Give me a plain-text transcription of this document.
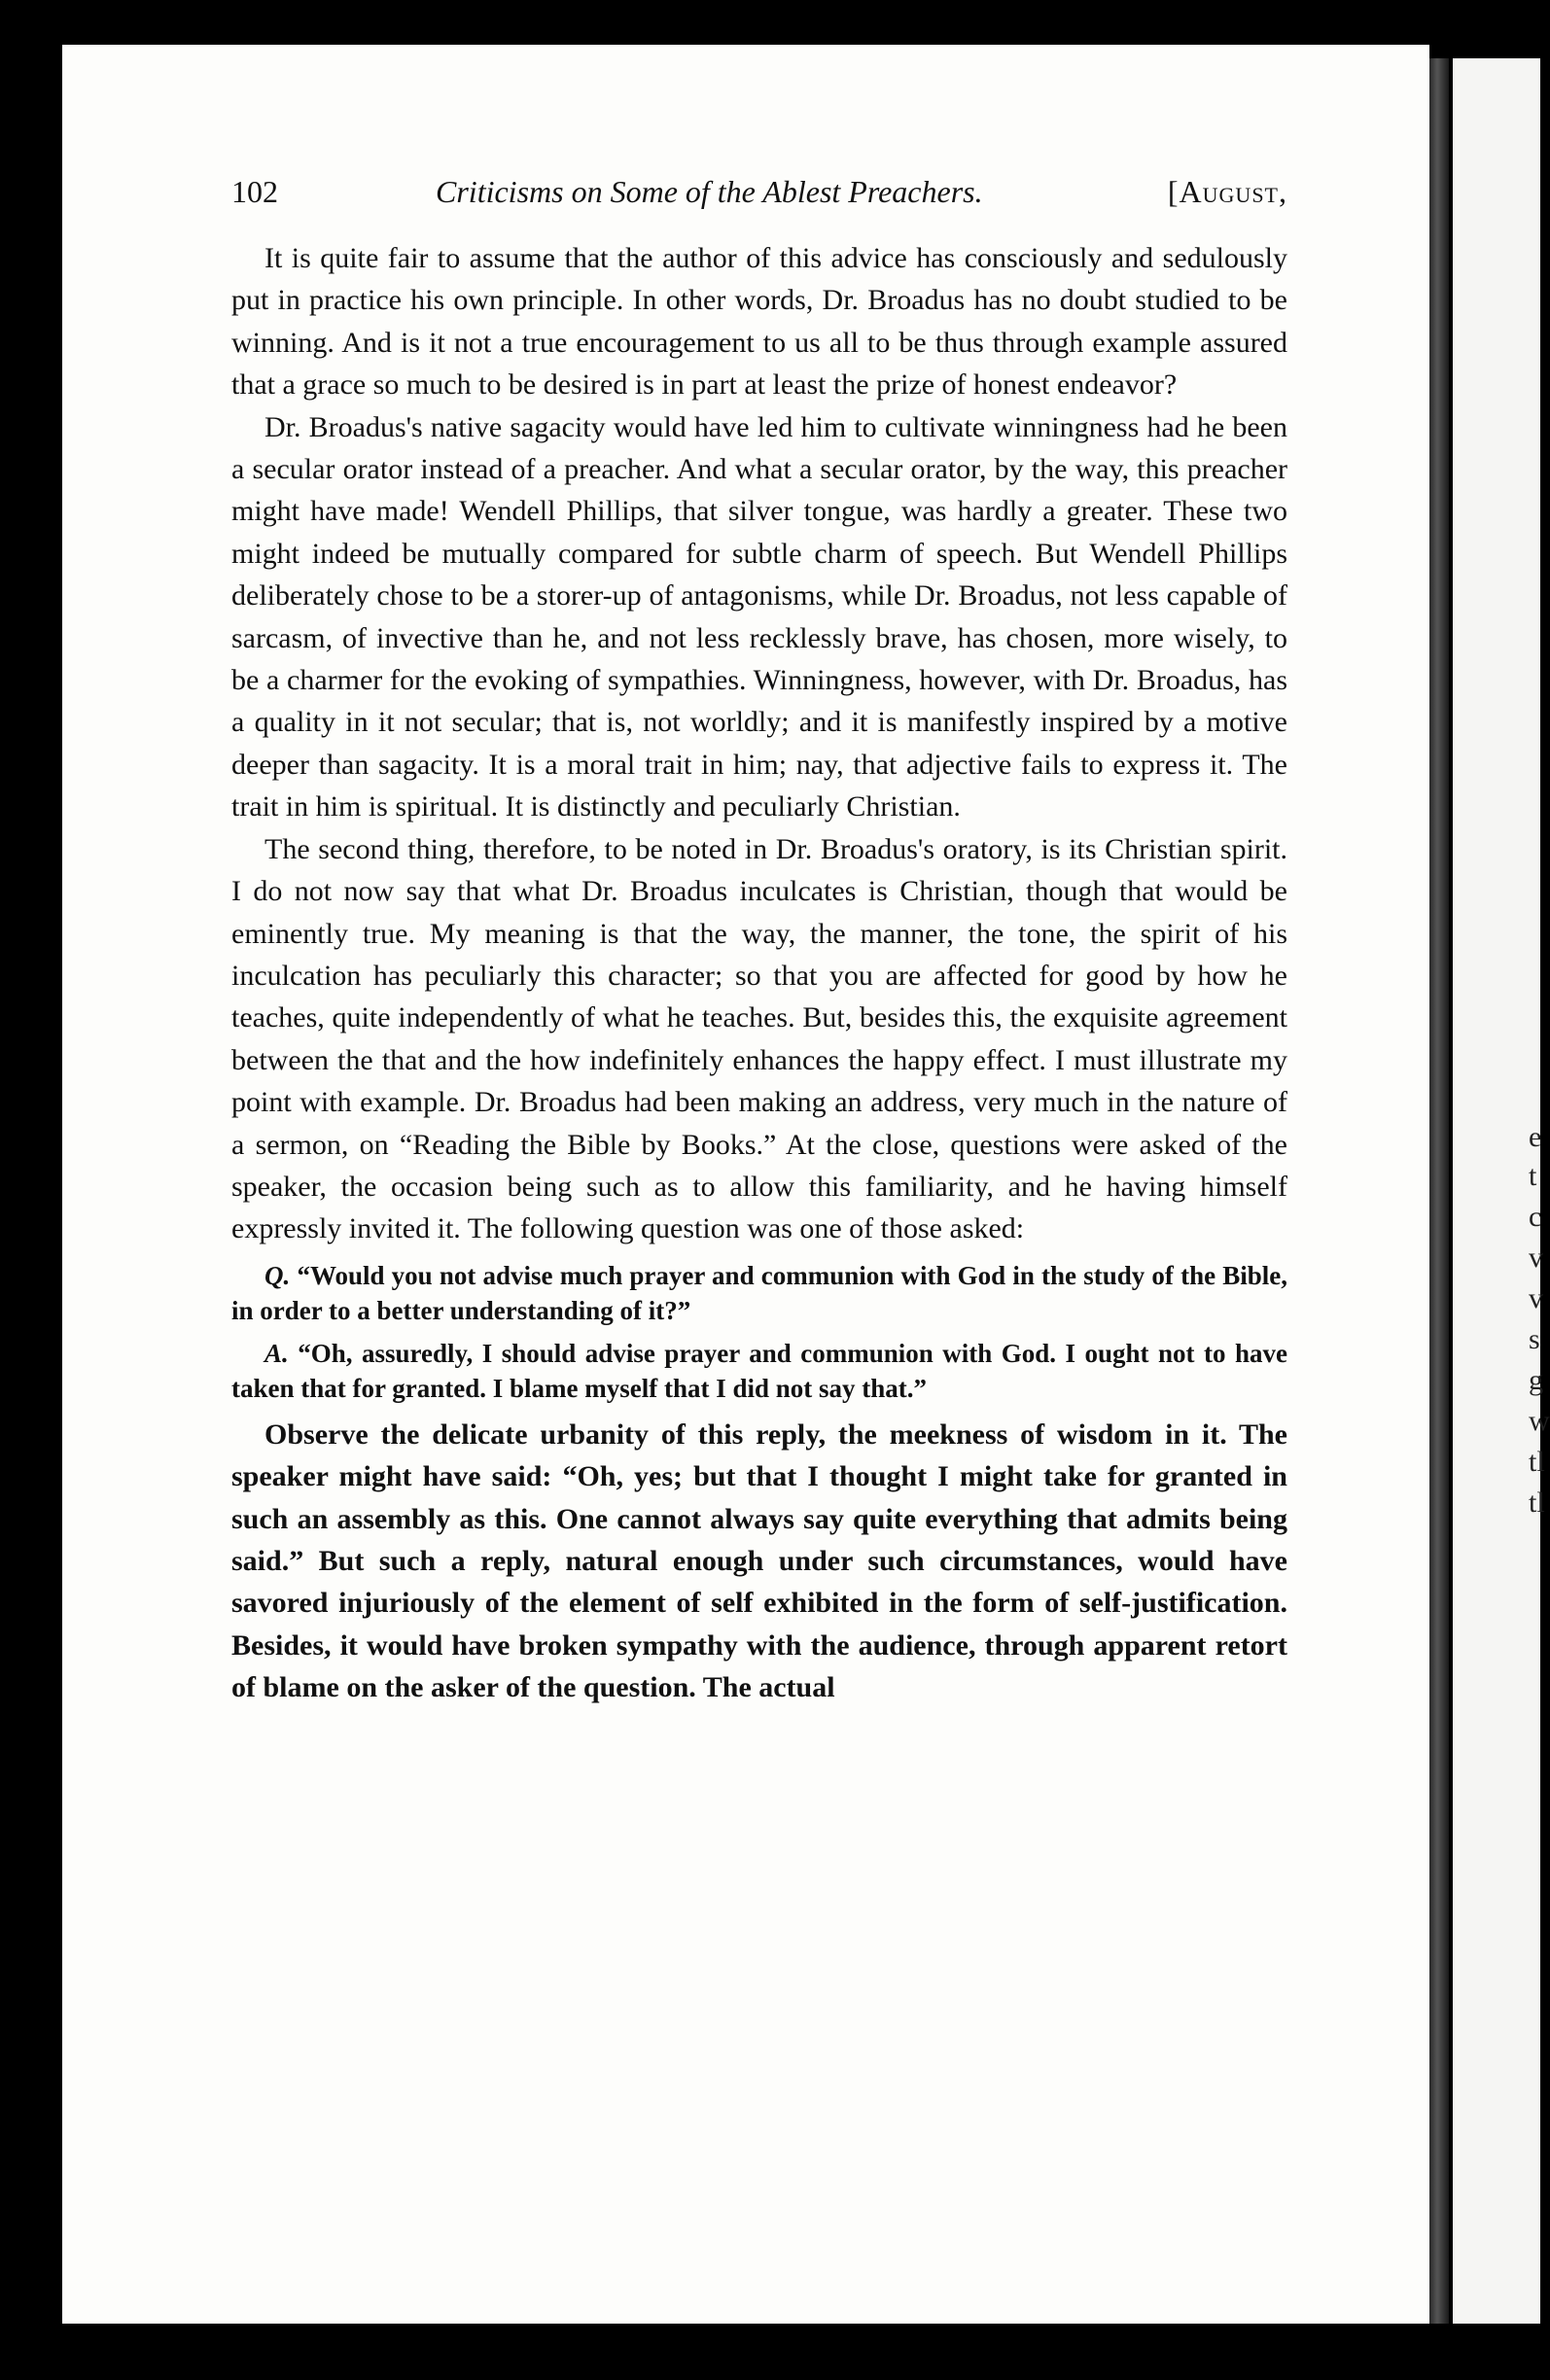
e
t
c
v
v
s
g
w
tl
tl
102	Criticisms on Some of the Ablest Preachers.	[August,

It is quite fair to assume that the author of this advice has consciously and sedulously put in practice his own principle. In other words, Dr. Broadus has no doubt studied to be winning. And is it not a true encouragement to us all to be thus through example assured that a grace so much to be desired is in part at least the prize of honest endeavor?

Dr. Broadus's native sagacity would have led him to cultivate winningness had he been a secular orator instead of a preacher. And what a secular orator, by the way, this preacher might have made! Wendell Phillips, that silver tongue, was hardly a greater. These two might indeed be mutually compared for subtle charm of speech. But Wendell Phillips deliberately chose to be a storer-up of antagonisms, while Dr. Broadus, not less capable of sarcasm, of invective than he, and not less recklessly brave, has chosen, more wisely, to be a charmer for the evoking of sympathies. Winningness, however, with Dr. Broadus, has a quality in it not secular; that is, not worldly; and it is manifestly inspired by a motive deeper than sagacity. It is a moral trait in him; nay, that adjective fails to express it. The trait in him is spiritual. It is distinctly and peculiarly Christian.

The second thing, therefore, to be noted in Dr. Broadus's oratory, is its Christian spirit. I do not now say that what Dr. Broadus inculcates is Christian, though that would be eminently true. My meaning is that the way, the manner, the tone, the spirit of his inculcation has peculiarly this character; so that you are affected for good by how he teaches, quite independently of what he teaches. But, besides this, the exquisite agreement between the that and the how indefinitely enhances the happy effect. I must illustrate my point with example. Dr. Broadus had been making an address, very much in the nature of a sermon, on “Reading the Bible by Books.” At the close, questions were asked of the speaker, the occasion being such as to allow this familiarity, and he having himself expressly invited it. The following question was one of those asked:

Q. “Would you not advise much prayer and communion with God in the study of the Bible, in order to a better understanding of it?”

A. “Oh, assuredly, I should advise prayer and communion with God. I ought not to have taken that for granted. I blame myself that I did not say that.”

Observe the delicate urbanity of this reply, the meekness of wisdom in it. The speaker might have said: “Oh, yes; but that I thought I might take for granted in such an assembly as this. One cannot always say quite everything that admits being said.” But such a reply, natural enough under such circumstances, would have savored injuriously of the element of self exhibited in the form of self-justification. Besides, it would have broken sympathy with the audience, through apparent retort of blame on the asker of the question. The actual
